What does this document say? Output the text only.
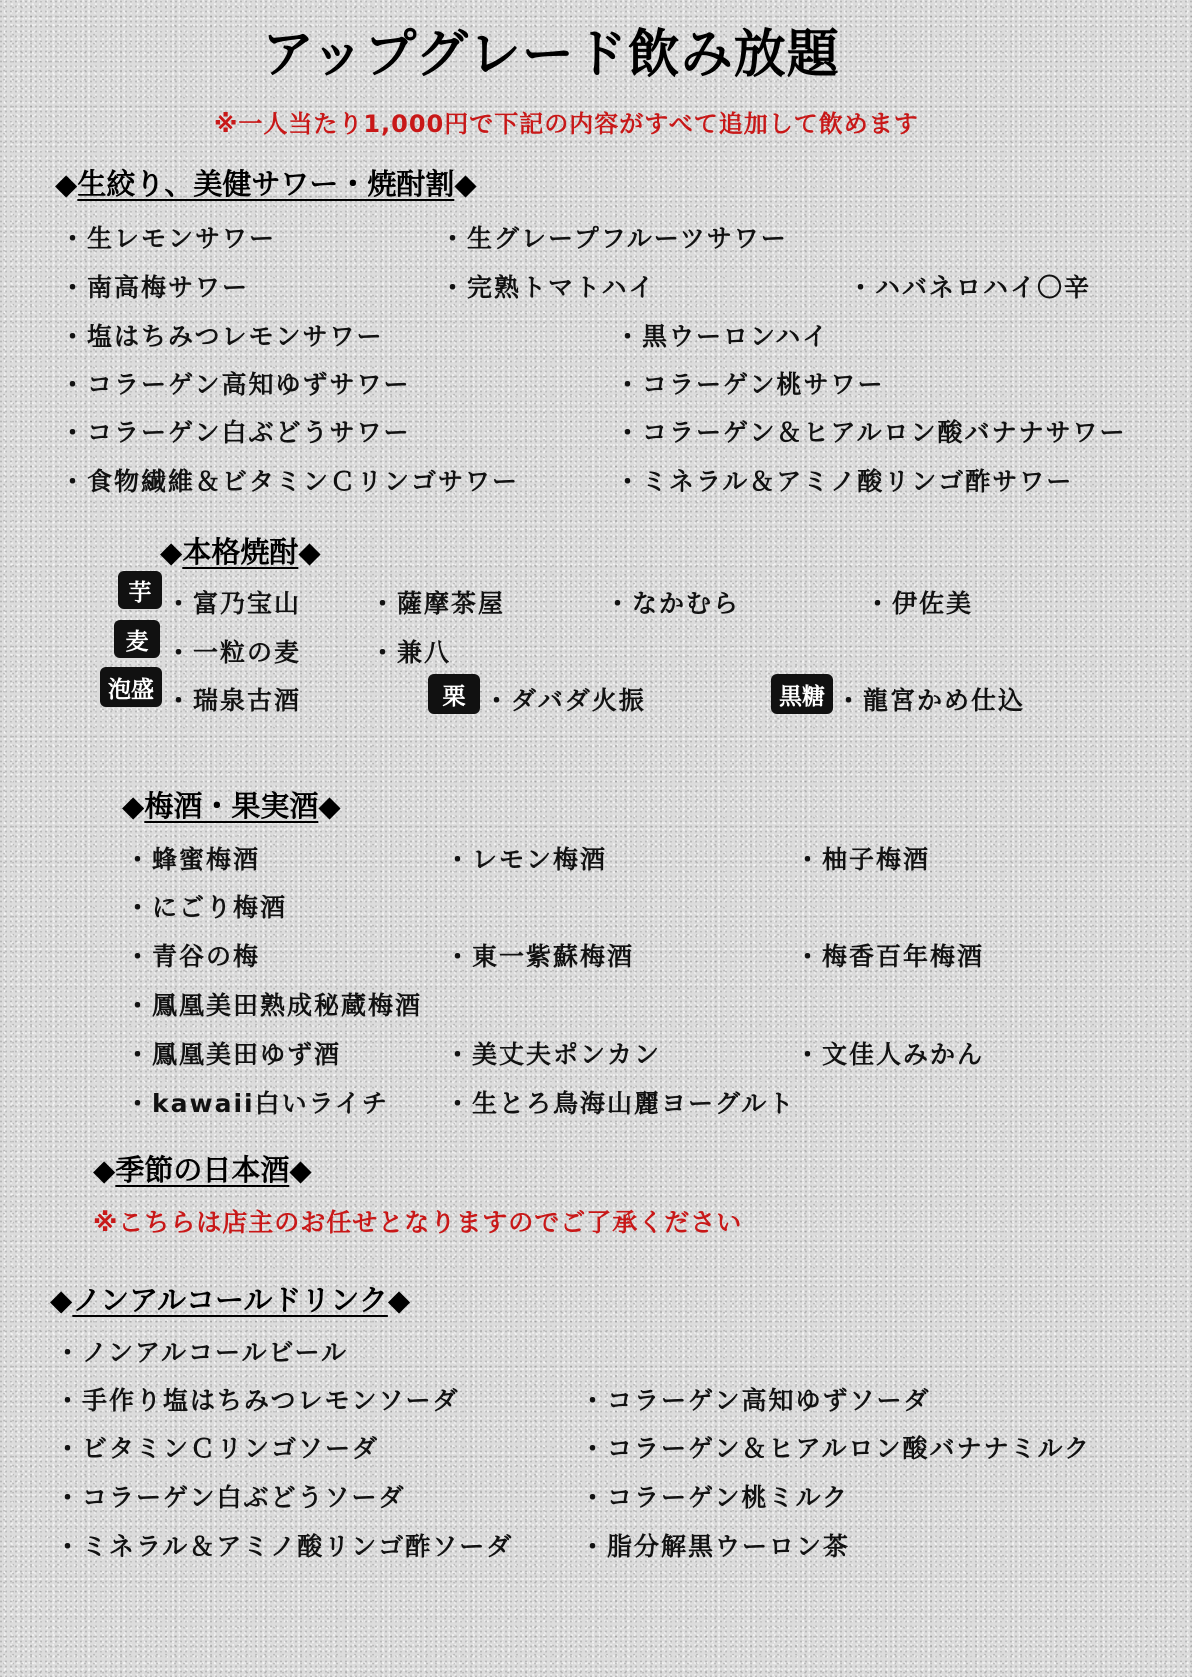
アップグレード飲み放題
※一人当たり1,000円で下記の内容がすべて追加して飲めます
◆生絞り、美健サワー・焼酎割◆
・生レモンサワー	・生グレープフルーツサワー
・南高梅サワー	・完熟トマトハイ	・ハバネロハイ〇辛
・塩はちみつレモンサワー	・黒ウーロンハイ
・コラーゲン高知ゆずサワー	・コラーゲン桃サワー
・コラーゲン白ぶどうサワー	・コラーゲン＆ヒアルロン酸バナナサワー
・食物繊維＆ビタミンＣリンゴサワー	・ミネラル＆アミノ酸リンゴ酢サワー
◆本格焼酎◆
芋 ・富乃宝山	・薩摩茶屋	・なかむら	・伊佐美
麦 ・一粒の麦	・兼八
泡盛 ・瑞泉古酒	栗 ・ダバダ火振	黒糖 ・龍宮かめ仕込
◆梅酒・果実酒◆
・蜂蜜梅酒	・レモン梅酒	・柚子梅酒
・にごり梅酒
・青谷の梅	・東一紫蘇梅酒	・梅香百年梅酒
・鳳凰美田熟成秘蔵梅酒
・鳳凰美田ゆず酒	・美丈夫ポンカン	・文佳人みかん
・kawaii白いライチ ・生とろ鳥海山麗ヨーグルト
◆季節の日本酒◆
※こちらは店主のお任せとなりますのでご了承ください
◆ノンアルコールドリンク◆
・ノンアルコールビール
・手作り塩はちみつレモンソーダ	・コラーゲン高知ゆずソーダ
・ビタミンＣリンゴソーダ	・コラーゲン＆ヒアルロン酸バナナミルク
・コラーゲン白ぶどうソーダ	・コラーゲン桃ミルク
・ミネラル＆アミノ酸リンゴ酢ソーダ	・脂分解黒ウーロン茶
